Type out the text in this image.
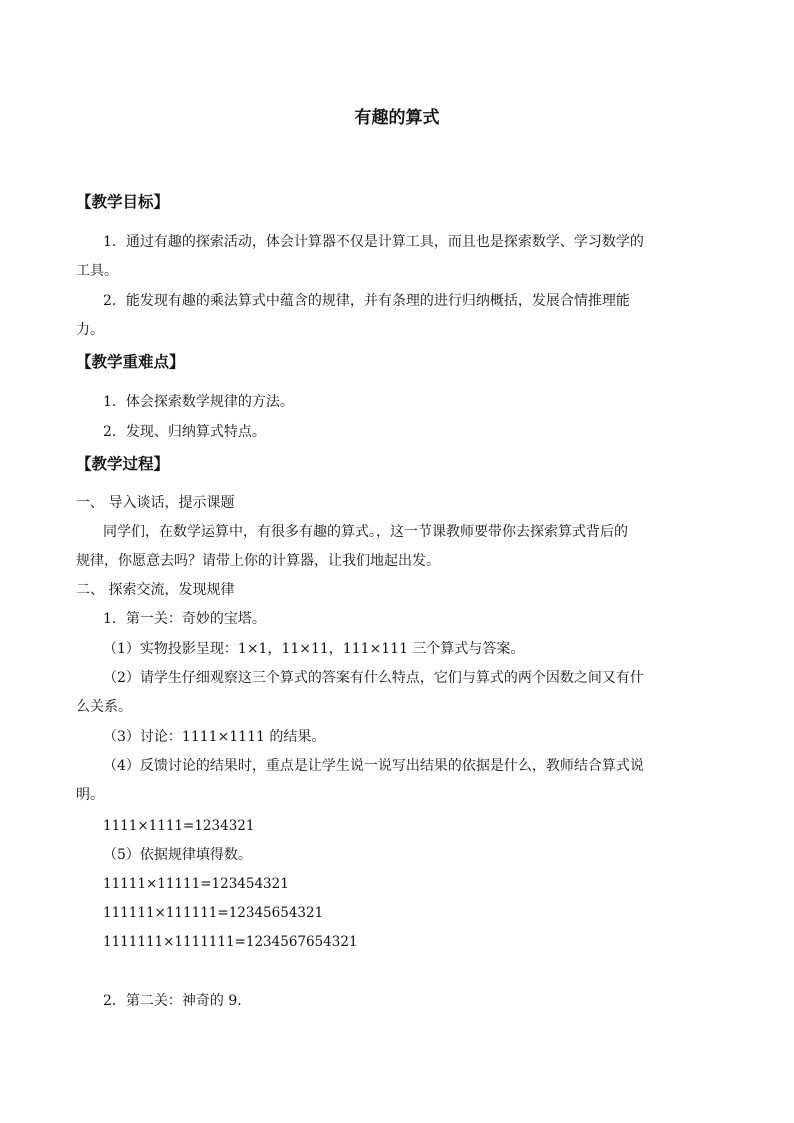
有趣的算式
【教学目标】
1．通过有趣的探索活动，体会计算器不仅是计算工具，而且也是探索数学、学习数学的
工具。
2．能发现有趣的乘法算式中蕴含的规律，并有条理的进行归纳概括，发展合情推理能
力。
【教学重难点】
1．体会探索数学规律的方法。
2．发现、归纳算式特点。
【教学过程】
一、 导入谈话，提示课题
同学们，在数学运算中，有很多有趣的算式。，这一节课教师要带你去探索算式背后的
规律，你愿意去吗？请带上你的计算器，让我们地起出发。
二、 探索交流，发现规律
1．第一关：奇妙的宝塔。
（1）实物投影呈现：1×1，11×11，111×111 三个算式与答案。
（2）请学生仔细观察这三个算式的答案有什么特点，它们与算式的两个因数之间又有什
么关系。
（3）讨论：1111×1111 的结果。
（4）反馈讨论的结果时，重点是让学生说一说写出结果的依据是什么，教师结合算式说
明。
1111×1111=1234321
（5）依据规律填得数。
11111×11111=123454321
111111×111111=12345654321
1111111×1111111=1234567654321
2．第二关：神奇的 9．
